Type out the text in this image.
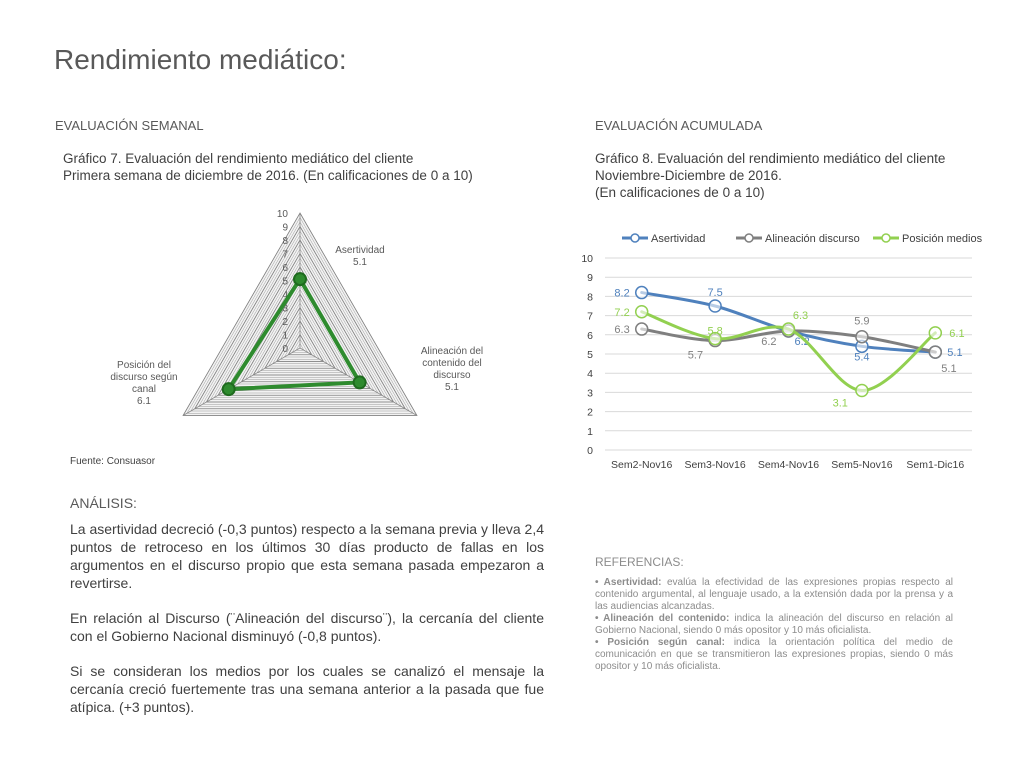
Rendimiento mediático:
EVALUACIÓN SEMANAL
Gráfico 7. Evaluación del rendimiento mediático del cliente
Primera semana de diciembre de 2016. (En calificaciones de 0 a 10)
0
1
2
3
4
5
6
7
8
9
10
Asertividad
5.1
Alineación del
contenido del
discurso
5.1
Posición del
discurso según
canal
6.1
Fuente: Consuasor
ANÁLISIS:

La asertividad decreció (-0,3 puntos) respecto a la semana previa y lleva 2,4 puntos de retroceso en los últimos 30 días producto de fallas en los argumentos en el discurso propio que esta semana pasada empezaron a revertirse.

En relación al Discurso (¨Alineación del discurso¨), la cercanía del cliente con el Gobierno Nacional disminuyó (-0,8 puntos).

Si se consideran los medios por los cuales se canalizó el mensaje la cercanía creció fuertemente tras una semana anterior a la pasada que fue atípica. (+3 puntos).

EVALUACIÓN ACUMULADA
Gráfico 8. Evaluación del rendimiento mediático del cliente
Noviembre-Diciembre de 2016.
(En calificaciones de 0 a 10)
0
1
2
3
4
5
6
7
8
9
10
Sem2-Nov16 Sem3-Nov16 Sem4-Nov16 Sem5-Nov16 Sem1-Dic16
Asertividad	Alineación discurso	Posición medios
8.2	7.5
6.2
5.4	5.1
6.3
5.7
6.2
5.9
5.1
7.2
5.8
6.3
3.1
6.1
REFERENCIAS:

• Asertividad: evalúa la efectividad de las expresiones propias respecto al contenido argumental, al lenguaje usado, a la extensión dada por la prensa y a las audiencias alcanzadas.

• Alineación del contenido: indica la alineación del discurso en relación al Gobierno Nacional, siendo 0 más opositor y 10 más oficialista.

• Posición según canal: indica la orientación política del medio de comunicación en que se transmitieron las expresiones propias, siendo 0 más opositor y 10 más oficialista.
